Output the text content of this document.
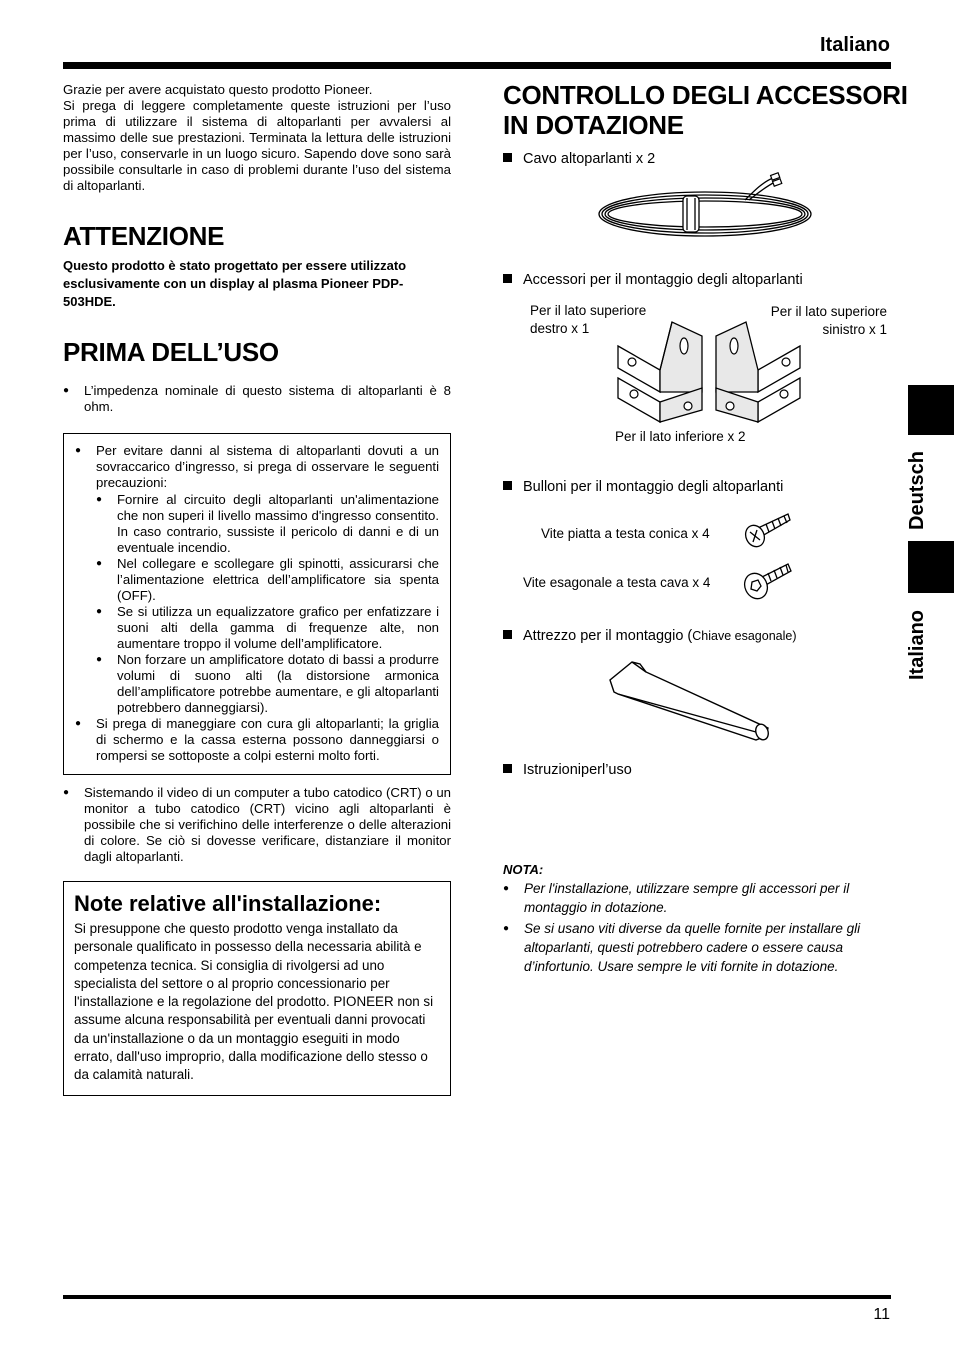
Italiano
Grazie per avere acquistato questo prodotto Pioneer.
Si prega di leggere completamente queste istruzioni per l’uso prima di utilizzare il sistema di altoparlanti per avvalersi al massimo delle sue prestazioni. Terminata la lettura delle istruzioni per l’uso, conservarle in un luogo sicuro. Sapendo dove sono sarà possibile consultarle in caso di problemi durante l’uso del sistema di altoparlanti.
ATTENZIONE
Questo prodotto è stato progettato per essere utilizzato esclusivamente con un display al plasma Pioneer PDP-503HDE.
PRIMA DELL’USO
● L’impedenza nominale di questo sistema di altoparlanti è 8 ohm.
● Per evitare danni al sistema di altoparlanti dovuti a un sovraccarico d’ingresso, si prega di osservare le seguenti precauzioni:
● Fornire al circuito degli altoparlanti un'alimentazione che non superi il livello massimo d'ingresso consentito. In caso contrario, sussiste il pericolo di danni e di un eventuale incendio.
● Nel collegare e scollegare gli spinotti, assicurarsi che l’alimentazione elettrica dell’amplificatore sia spenta (OFF).
● Se si utilizza un equalizzatore grafico per enfatizzare i suoni alti della gamma di frequenze alte, non aumentare troppo il volume dell’amplificatore.
● Non forzare un amplificatore dotato di bassi a produrre volumi di suono alti (la distorsione armonica dell’amplificatore potrebbe aumentare, e gli altoparlanti potrebbero danneggiarsi).
● Si prega di maneggiare con cura gli altoparlanti; la griglia di schermo e la cassa esterna possono danneggiarsi o rompersi se sottoposte a colpi esterni molto forti.
● Sistemando il video di un computer a tubo catodico (CRT) o un monitor a tubo catodico (CRT) vicino agli altoparlanti è possibile che si verifichino delle interferenze o delle alterazioni di colore. Se ciò si dovesse verificare, distanziare il monitor dagli altoparlanti.
Note relative all'installazione:
Si presuppone che questo prodotto venga installato da personale qualificato in possesso della necessaria abilità e competenza tecnica. Si consiglia di rivolgersi ad uno specialista del settore o al proprio concessionario per l'installazione e la regolazione del prodotto. PIONEER non si assume alcuna responsabilità per eventuali danni provocati da un'installazione o da un montaggio eseguiti in modo errato, dall'uso improprio, dalla modificazione dello stesso o da calamità naturali.
CONTROLLO DEGLI ACCESSORI
IN DOTAZIONE
Cavo altoparlanti x 2
Accessori per il montaggio degli altoparlanti
Per il lato superiore
destro x 1
Per il lato superiore
sinistro x 1
Per il lato inferiore x 2
Bulloni per il montaggio degli altoparlanti
Vite piatta a testa conica x 4
Vite esagonale a testa cava x 4
Attrezzo per il montaggio (Chiave esagonale)
Istruzioniperl’uso
NOTA:
● Per l'installazione, utilizzare sempre gli accessori per il montaggio in dotazione.
● Se si usano viti diverse da quelle fornite per installare gli altoparlanti, questi potrebbero cadere o essere causa d’infortunio. Usare sempre le viti fornite in dotazione.
Deutsch
Italiano
11
